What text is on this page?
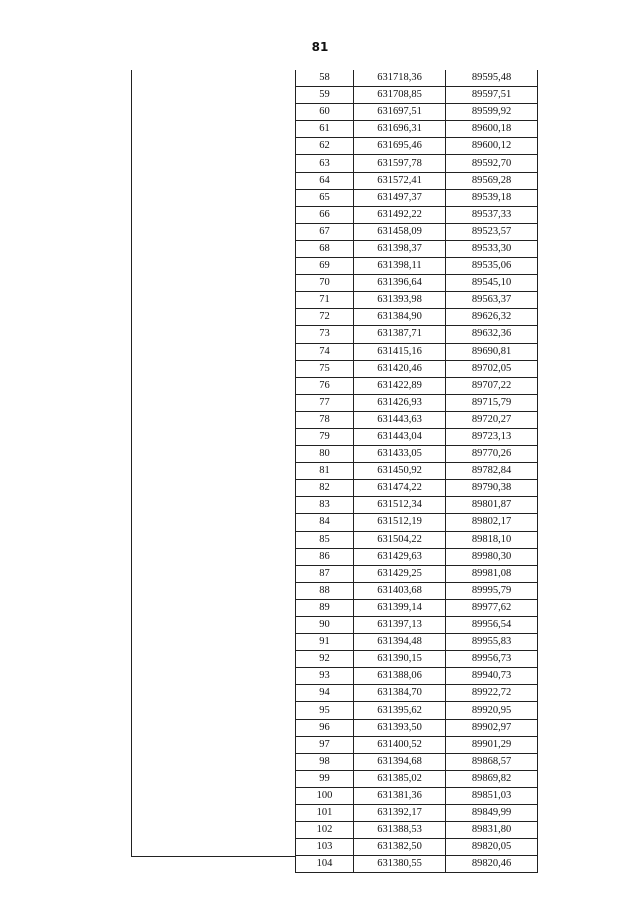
81
58	631718,36	89595,48
59	631708,85	89597,51
60	631697,51	89599,92
61	631696,31	89600,18
62	631695,46	89600,12
63	631597,78	89592,70
64	631572,41	89569,28
65	631497,37	89539,18
66	631492,22	89537,33
67	631458,09	89523,57
68	631398,37	89533,30
69	631398,11	89535,06
70	631396,64	89545,10
71	631393,98	89563,37
72	631384,90	89626,32
73	631387,71	89632,36
74	631415,16	89690,81
75	631420,46	89702,05
76	631422,89	89707,22
77	631426,93	89715,79
78	631443,63	89720,27
79	631443,04	89723,13
80	631433,05	89770,26
81	631450,92	89782,84
82	631474,22	89790,38
83	631512,34	89801,87
84	631512,19	89802,17
85	631504,22	89818,10
86	631429,63	89980,30
87	631429,25	89981,08
88	631403,68	89995,79
89	631399,14	89977,62
90	631397,13	89956,54
91	631394,48	89955,83
92	631390,15	89956,73
93	631388,06	89940,73
94	631384,70	89922,72
95	631395,62	89920,95
96	631393,50	89902,97
97	631400,52	89901,29
98	631394,68	89868,57
99	631385,02	89869,82
100	631381,36	89851,03
101	631392,17	89849,99
102	631388,53	89831,80
103	631382,50	89820,05
104	631380,55	89820,46
